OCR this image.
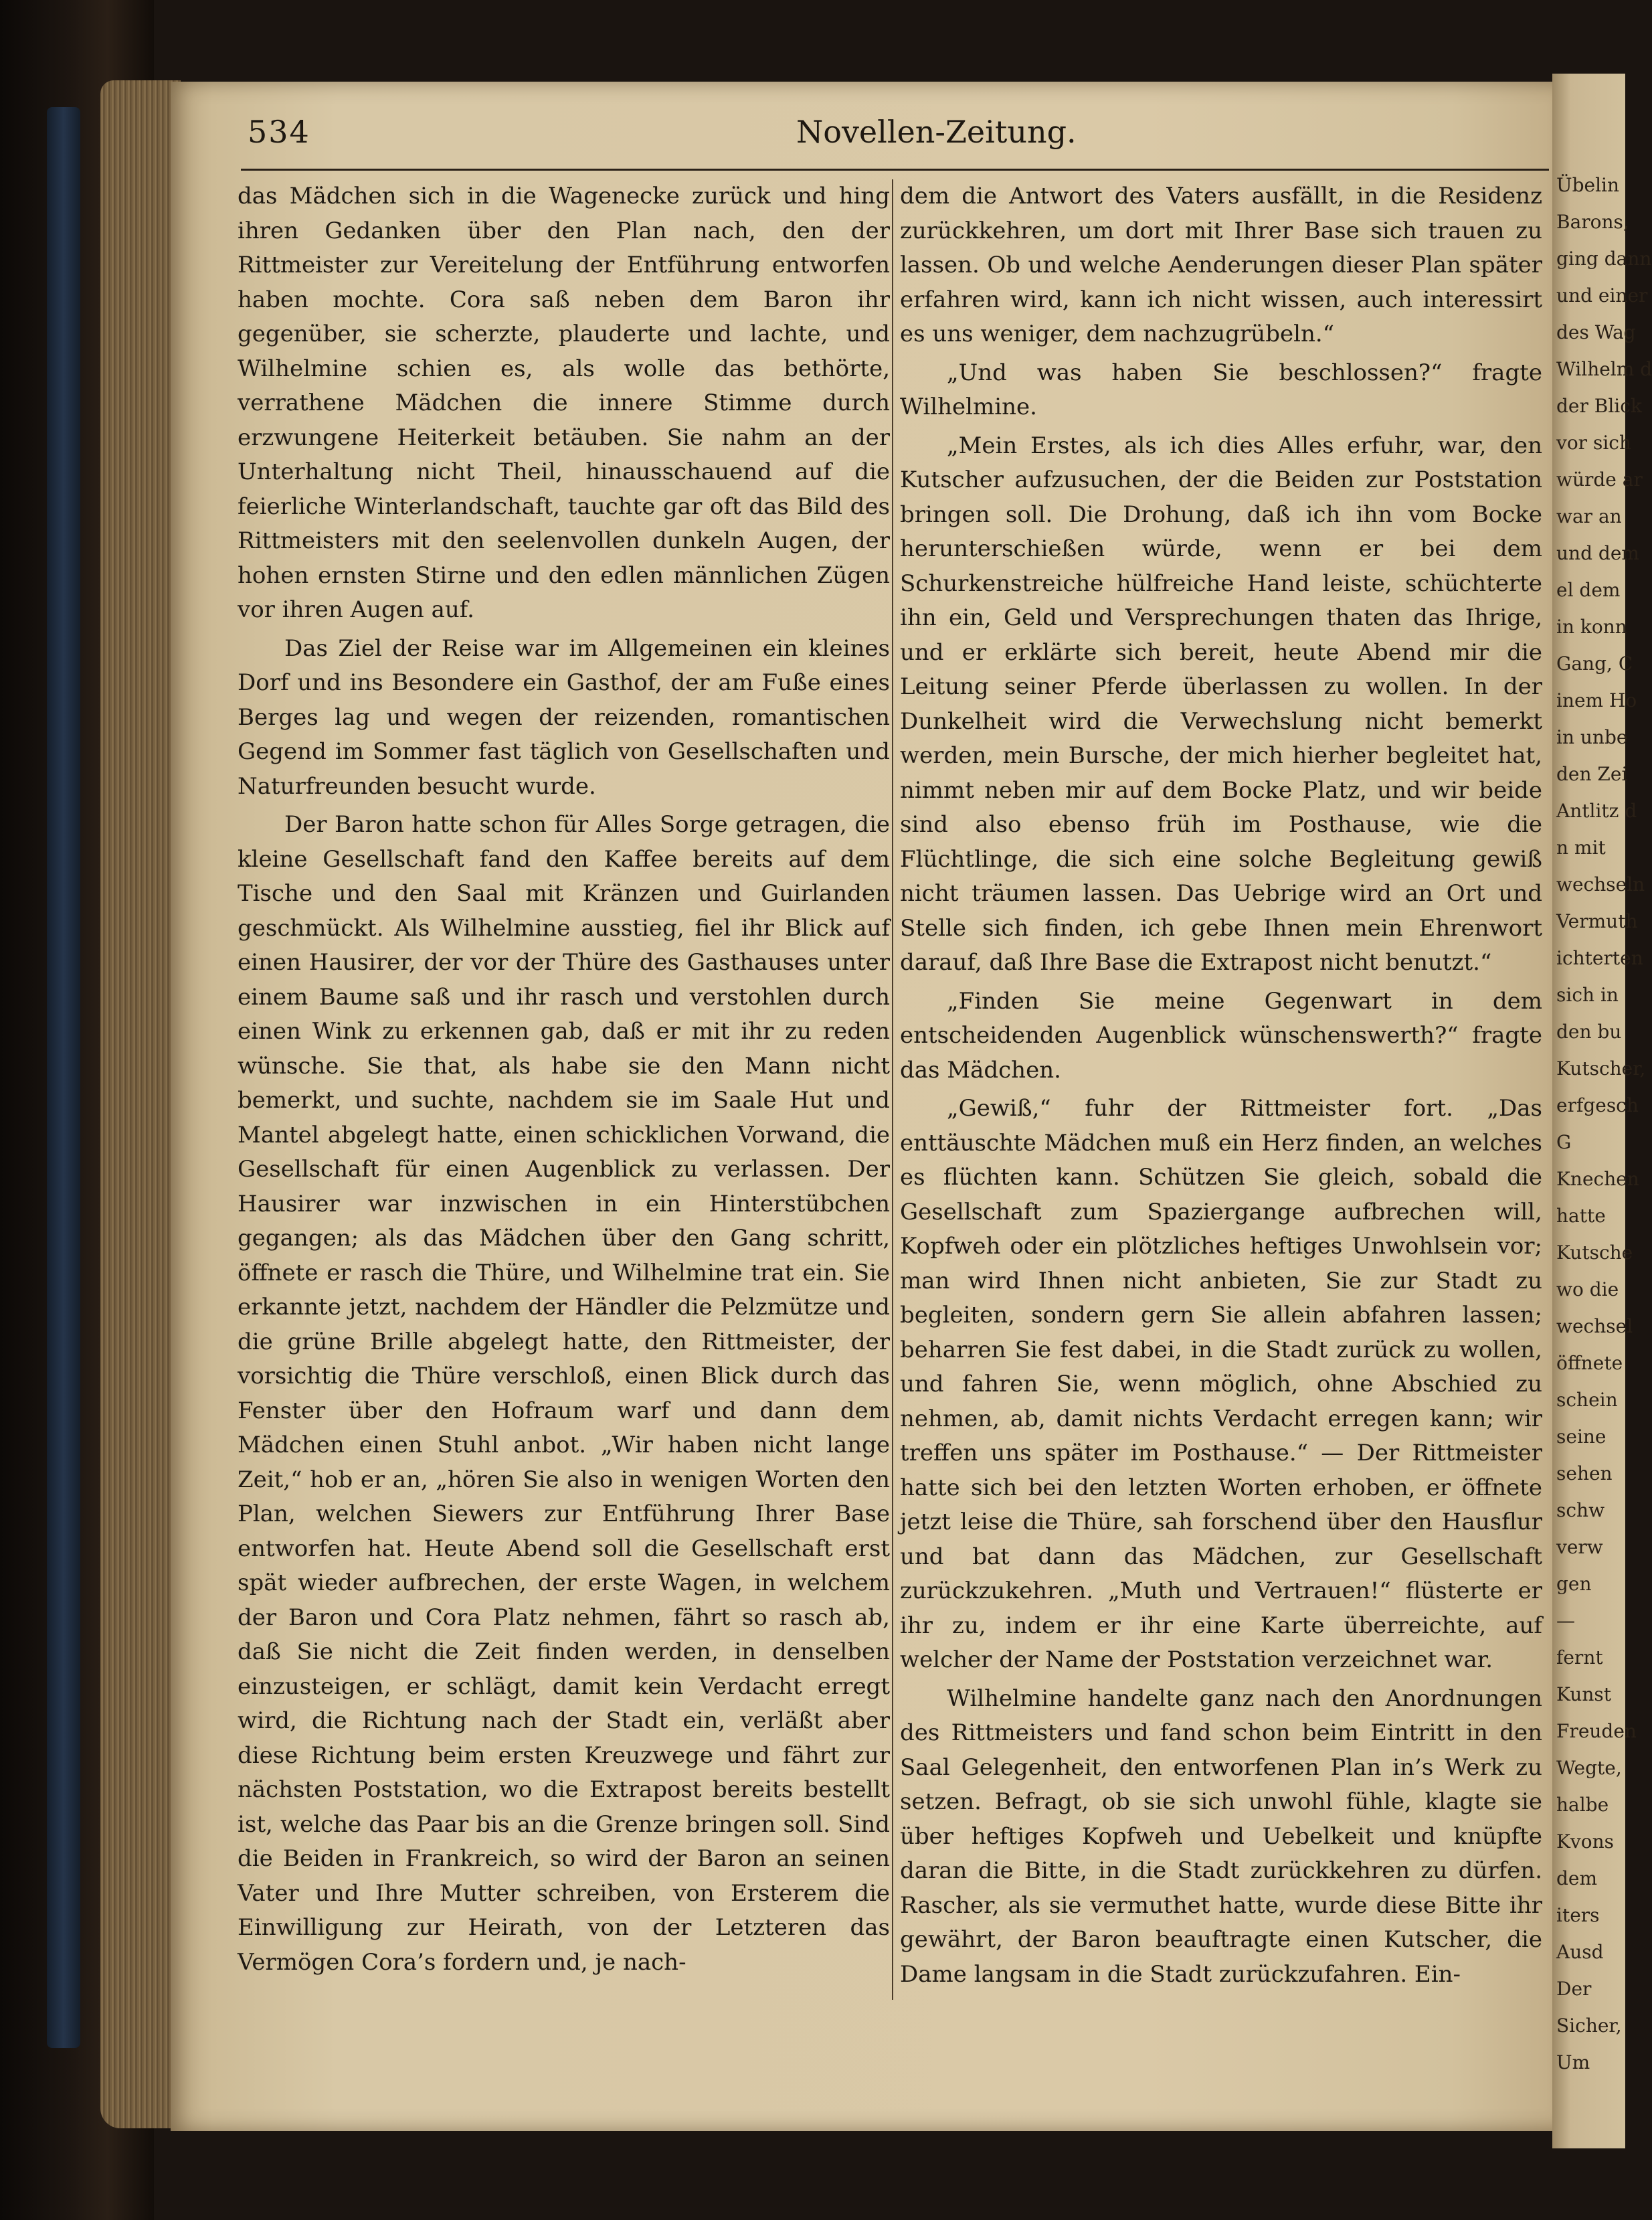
Übelin
Barons,
ging dann
und einer
des Wag
Wilhelm d
der Blick
vor sich
würde ar
war an
und dem
el dem
in konn
Gang, C
inem Ho
in unbe
den Zei
Antlitz d
n mit
wechseln
Vermuth
ichterten
sich in
den bu
Kutscher,
erfgesch
G
Knechen
hatte
Kutsche
wo die
wechsel
öffnete
schein
seine
sehen
schw
verw
gen
—
fernt
Kunst
Freuden
Wegte,
halbe
Kvons
dem
iters
Ausd
Der
Sicher,
Um
534	Novellen-Zeitung.

das Mädchen sich in die Wagenecke zurück und hing ihren Gedanken über den Plan nach, den der Rittmeister zur Vereitelung der Entführung entworfen haben mochte. Cora saß neben dem Baron ihr gegenüber, sie scherzte, plauderte und lachte, und Wilhelmine schien es, als wolle das bethörte, verrathene Mädchen die innere Stimme durch erzwungene Heiterkeit betäuben. Sie nahm an der Unterhaltung nicht Theil, hinausschauend auf die feierliche Winterlandschaft, tauchte gar oft das Bild des Rittmeisters mit den seelenvollen dunkeln Augen, der hohen ernsten Stirne und den edlen männlichen Zügen vor ihren Augen auf.

Das Ziel der Reise war im Allgemeinen ein kleines Dorf und ins Besondere ein Gasthof, der am Fuße eines Berges lag und wegen der reizenden, romantischen Gegend im Sommer fast täglich von Gesellschaften und Naturfreunden besucht wurde.

Der Baron hatte schon für Alles Sorge getragen, die kleine Gesellschaft fand den Kaffee bereits auf dem Tische und den Saal mit Kränzen und Guirlanden geschmückt. Als Wilhelmine ausstieg, fiel ihr Blick auf einen Hausirer, der vor der Thüre des Gasthauses unter einem Baume saß und ihr rasch und verstohlen durch einen Wink zu erkennen gab, daß er mit ihr zu reden wünsche. Sie that, als habe sie den Mann nicht bemerkt, und suchte, nachdem sie im Saale Hut und Mantel abgelegt hatte, einen schicklichen Vorwand, die Gesellschaft für einen Augenblick zu verlassen. Der Hausirer war inzwischen in ein Hinterstübchen gegangen; als das Mädchen über den Gang schritt, öffnete er rasch die Thüre, und Wilhelmine trat ein. Sie erkannte jetzt, nachdem der Händler die Pelzmütze und die grüne Brille abgelegt hatte, den Rittmeister, der vorsichtig die Thüre verschloß, einen Blick durch das Fenster über den Hofraum warf und dann dem Mädchen einen Stuhl anbot. „Wir haben nicht lange Zeit,“ hob er an, „hören Sie also in wenigen Worten den Plan, welchen Siewers zur Entführung Ihrer Base entworfen hat. Heute Abend soll die Gesellschaft erst spät wieder aufbrechen, der erste Wagen, in welchem der Baron und Cora Platz nehmen, fährt so rasch ab, daß Sie nicht die Zeit finden werden, in denselben einzusteigen, er schlägt, damit kein Verdacht erregt wird, die Richtung nach der Stadt ein, verläßt aber diese Richtung beim ersten Kreuzwege und fährt zur nächsten Poststation, wo die Extrapost bereits bestellt ist, welche das Paar bis an die Grenze bringen soll. Sind die Beiden in Frankreich, so wird der Baron an seinen Vater und Ihre Mutter schreiben, von Ersterem die Einwilligung zur Heirath, von der Letzteren das Vermögen Cora’s fordern und, je nach-

dem die Antwort des Vaters ausfällt, in die Residenz zurückkehren, um dort mit Ihrer Base sich trauen zu lassen. Ob und welche Aenderungen dieser Plan später erfahren wird, kann ich nicht wissen, auch interessirt es uns weniger, dem nachzugrübeln.“

„Und was haben Sie beschlossen?“ fragte Wilhelmine.

„Mein Erstes, als ich dies Alles erfuhr, war, den Kutscher aufzusuchen, der die Beiden zur Poststation bringen soll. Die Drohung, daß ich ihn vom Bocke herunterschießen würde, wenn er bei dem Schurkenstreiche hülfreiche Hand leiste, schüchterte ihn ein, Geld und Versprechungen thaten das Ihrige, und er erklärte sich bereit, heute Abend mir die Leitung seiner Pferde überlassen zu wollen. In der Dunkelheit wird die Verwechslung nicht bemerkt werden, mein Bursche, der mich hierher begleitet hat, nimmt neben mir auf dem Bocke Platz, und wir beide sind also ebenso früh im Posthause, wie die Flüchtlinge, die sich eine solche Begleitung gewiß nicht träumen lassen. Das Uebrige wird an Ort und Stelle sich finden, ich gebe Ihnen mein Ehrenwort darauf, daß Ihre Base die Extrapost nicht benutzt.“

„Finden Sie meine Gegenwart in dem entscheidenden Augenblick wünschenswerth?“ fragte das Mädchen.

„Gewiß,“ fuhr der Rittmeister fort. „Das enttäuschte Mädchen muß ein Herz finden, an welches es flüchten kann. Schützen Sie gleich, sobald die Gesellschaft zum Spaziergange aufbrechen will, Kopfweh oder ein plötzliches heftiges Unwohlsein vor; man wird Ihnen nicht anbieten, Sie zur Stadt zu begleiten, sondern gern Sie allein abfahren lassen; beharren Sie fest dabei, in die Stadt zurück zu wollen, und fahren Sie, wenn möglich, ohne Abschied zu nehmen, ab, damit nichts Verdacht erregen kann; wir treffen uns später im Posthause.“ — Der Rittmeister hatte sich bei den letzten Worten erhoben, er öffnete jetzt leise die Thüre, sah forschend über den Hausflur und bat dann das Mädchen, zur Gesellschaft zurückzukehren. „Muth und Vertrauen!“ flüsterte er ihr zu, indem er ihr eine Karte überreichte, auf welcher der Name der Poststation verzeichnet war.

Wilhelmine handelte ganz nach den Anordnungen des Rittmeisters und fand schon beim Eintritt in den Saal Gelegenheit, den entworfenen Plan in’s Werk zu setzen. Befragt, ob sie sich unwohl fühle, klagte sie über heftiges Kopfweh und Uebelkeit und knüpfte daran die Bitte, in die Stadt zurückkehren zu dürfen. Rascher, als sie vermuthet hatte, wurde diese Bitte ihr gewährt, der Baron beauftragte einen Kutscher, die Dame langsam in die Stadt zurückzufahren. Ein-
